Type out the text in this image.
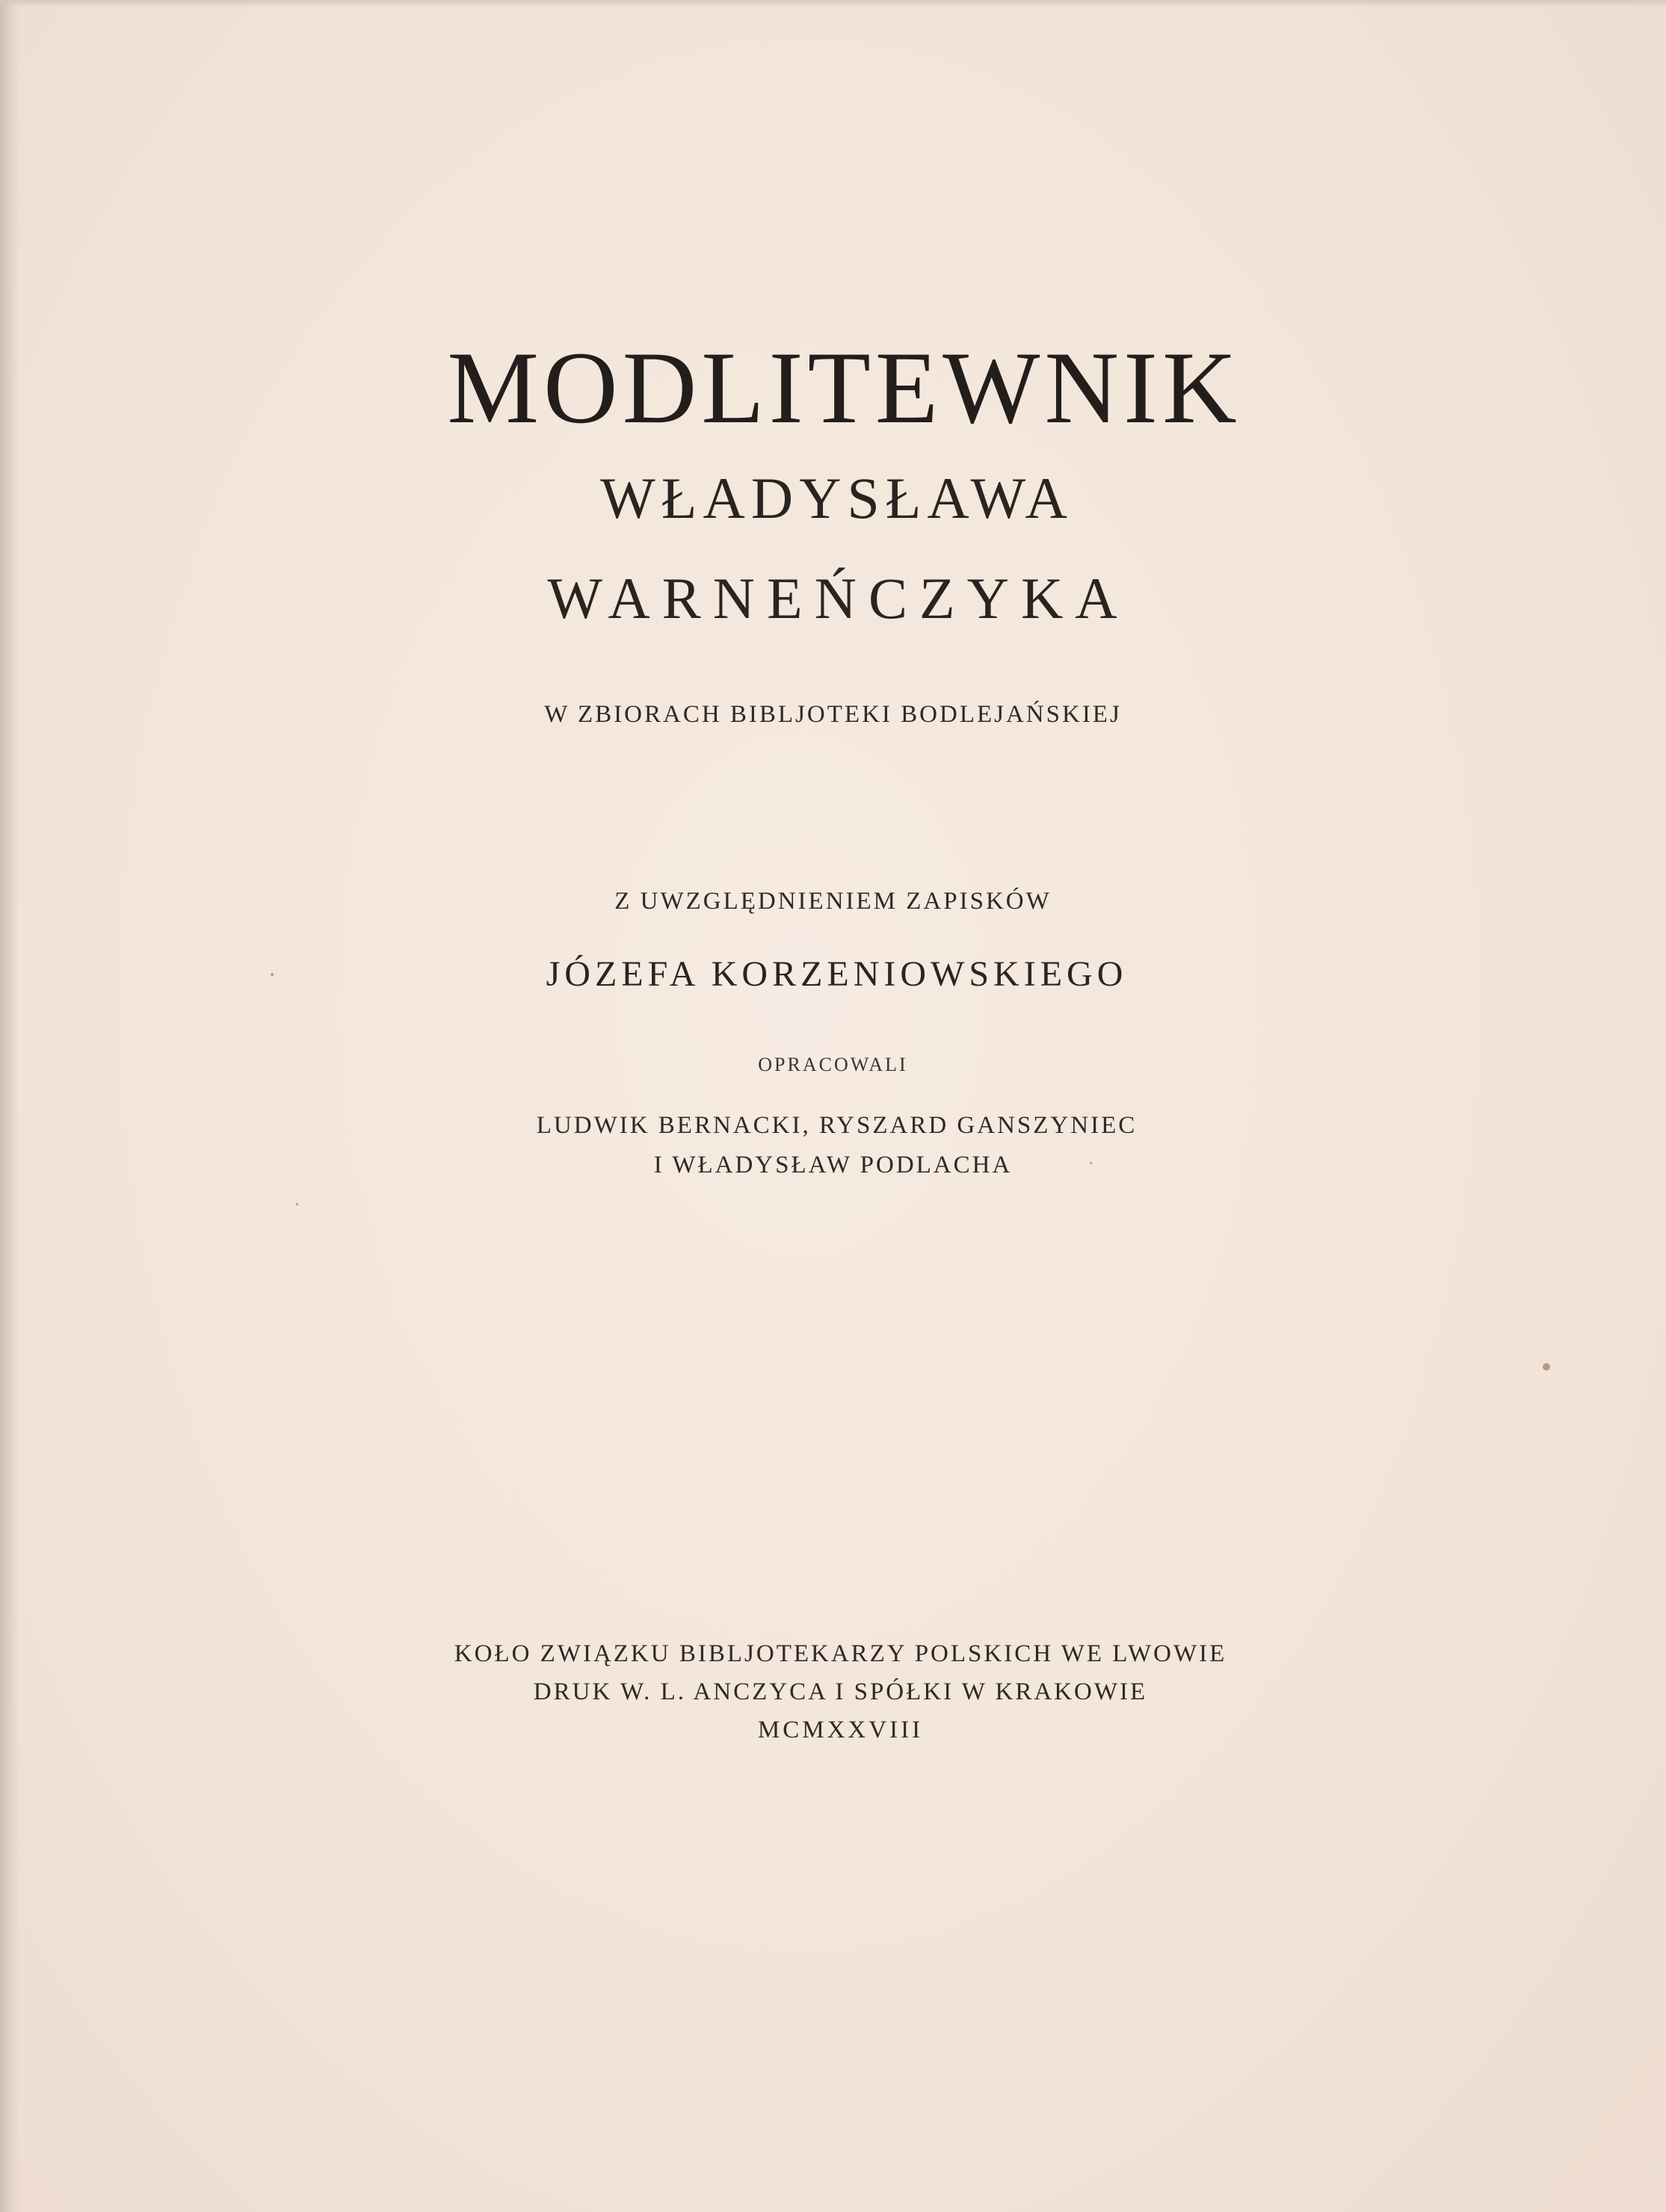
MODLITEWNIK
WŁADYSŁAWA
WARNEŃCZYKA
W ZBIORACH BIBLJOTEKI BODLEJAŃSKIEJ
Z UWZGLĘDNIENIEM ZAPISKÓW
JÓZEFA KORZENIOWSKIEGO
OPRACOWALI
LUDWIK BERNACKI, RYSZARD GANSZYNIEC
I WŁADYSŁAW PODLACHA
KOŁO ZWIĄZKU BIBLJOTEKARZY POLSKICH WE LWOWIE
DRUK W. L. ANCZYCA I SPÓŁKI W KRAKOWIE
MCMXXVIII
